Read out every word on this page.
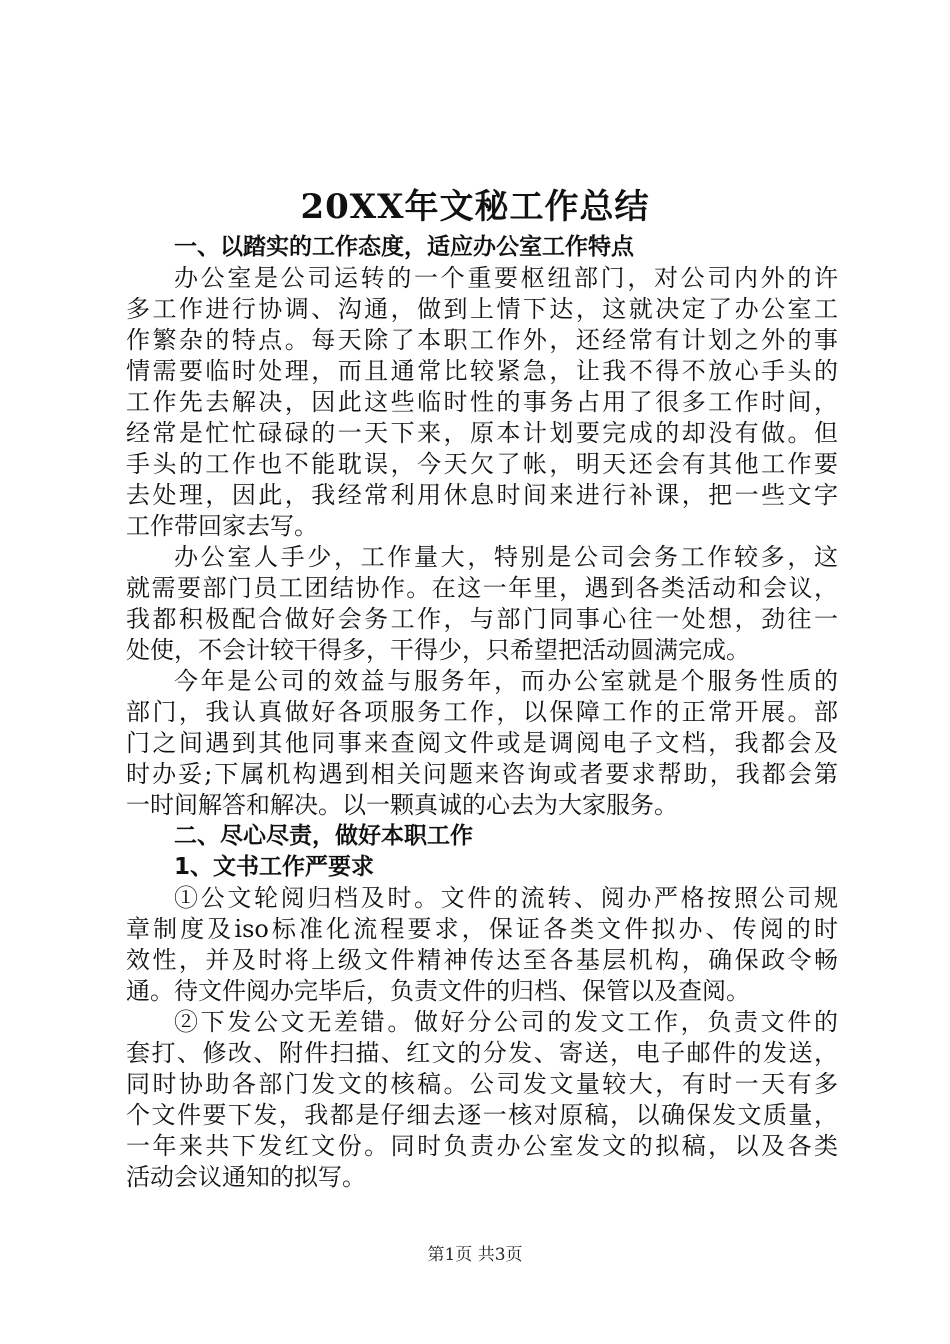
20XX年文秘工作总结
一、以踏实的工作态度，适应办公室工作特点
办公室是公司运转的一个重要枢纽部门，对公司内外的许
多工作进行协调、沟通，做到上情下达，这就决定了办公室工
作繁杂的特点。每天除了本职工作外，还经常有计划之外的事
情需要临时处理，而且通常比较紧急，让我不得不放心手头的
工作先去解决，因此这些临时性的事务占用了很多工作时间，
经常是忙忙碌碌的一天下来，原本计划要完成的却没有做。但
手头的工作也不能耽误，今天欠了帐，明天还会有其他工作要
去处理，因此，我经常利用休息时间来进行补课，把一些文字
工作带回家去写。
办公室人手少，工作量大，特别是公司会务工作较多，这
就需要部门员工团结协作。在这一年里，遇到各类活动和会议，
我都积极配合做好会务工作，与部门同事心往一处想，劲往一
处使，不会计较干得多，干得少，只希望把活动圆满完成。
今年是公司的效益与服务年，而办公室就是个服务性质的
部门，我认真做好各项服务工作，以保障工作的正常开展。部
门之间遇到其他同事来查阅文件或是调阅电子文档，我都会及
时办妥;下属机构遇到相关问题来咨询或者要求帮助，我都会第
一时间解答和解决。以一颗真诚的心去为大家服务。
二、尽心尽责，做好本职工作
1、文书工作严要求
①公文轮阅归档及时。文件的流转、阅办严格按照公司规
章制度及iso标准化流程要求，保证各类文件拟办、传阅的时
效性，并及时将上级文件精神传达至各基层机构，确保政令畅
通。待文件阅办完毕后，负责文件的归档、保管以及查阅。
②下发公文无差错。做好分公司的发文工作，负责文件的
套打、修改、附件扫描、红文的分发、寄送，电子邮件的发送，
同时协助各部门发文的核稿。公司发文量较大，有时一天有多
个文件要下发，我都是仔细去逐一核对原稿，以确保发文质量，
一年来共下发红文份。同时负责办公室发文的拟稿，以及各类
活动会议通知的拟写。
第1页 共3页
